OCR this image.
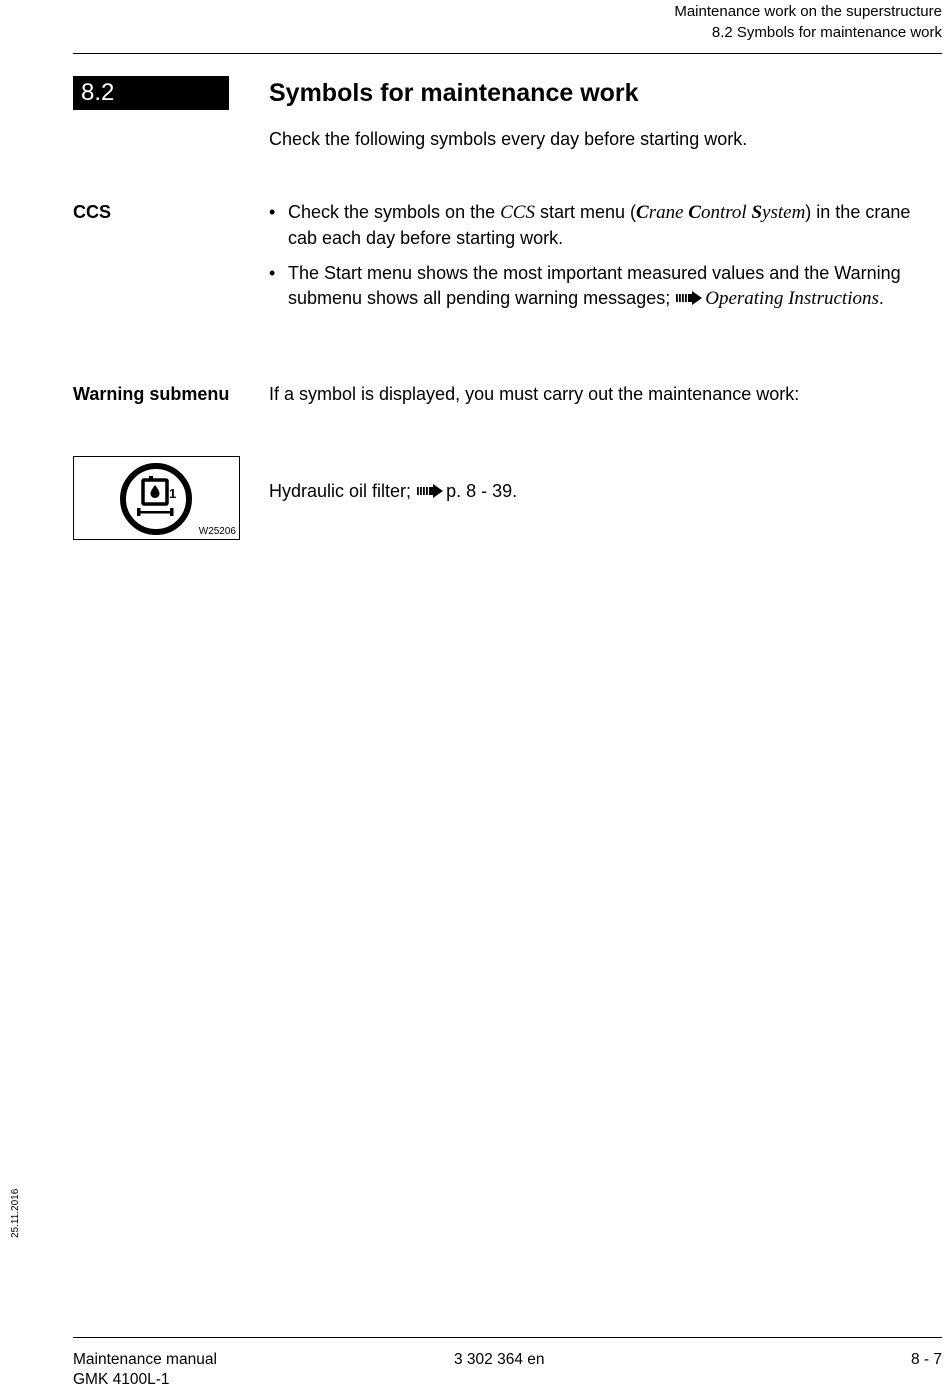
Maintenance work on the superstructure
8.2 Symbols for maintenance work
8.2	Symbols for maintenance work
Check the following symbols every day before starting work.
CCS	• Check the symbols on the CCS start menu (Crane Control System) in the crane cab each day before starting work.
• The Start menu shows the most important measured values and the Warning submenu shows all pending warning messages; Operating Instructions.
Warning submenu If a symbol is displayed, you must carry out the maintenance work:
1
W25206
Hydraulic oil filter; p. 8 - 39.
25.11.2016
Maintenance manual
GMK 4100L-1
3 302 364 en	8 - 7
